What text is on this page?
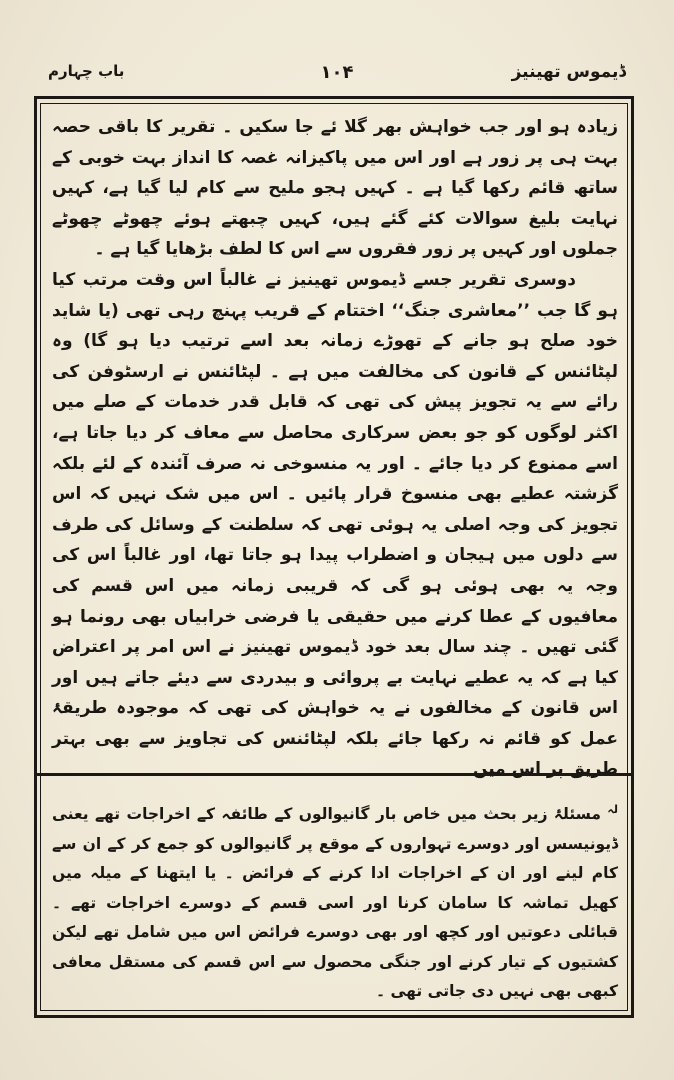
ڈیموس تھینیز
۱۰۴
باب چہارم

زیادہ ہو اور جب خواہش بھر گلا ئے جا سکیں ۔ تقریر کا باقی حصہ بہت ہی پر زور ہے اور اس میں پاکیزانہ غصہ کا انداز بہت خوبی کے ساتھ قائم رکھا گیا ہے ۔ کہیں ہجو ملیح سے کام لیا گیا ہے، کہیں نہایت بلیغ سوالات کئے گئے ہیں، کہیں چبھتے ہوئے چھوٹے چھوٹے جملوں اور کہیں پر زور فقروں سے اس کا لطف بڑھایا گیا ہے ۔

دوسری تقریر جسے ڈیموس تھینیز نے غالباً اس وقت مرتب کیا ہو گا جب ’’معاشری جنگ‘‘ اختتام کے قریب پہنچ رہی تھی (یا شاید خود صلح ہو جانے کے تھوڑے زمانہ بعد اسے ترتیب دیا ہو گا) وہ لپٹائنس کے قانون کی مخالفت میں ہے ۔ لپٹائنس نے ارسٹوفن کی رائے سے یہ تجویز پیش کی تھی کہ قابل قدر خدمات کے صلے میں اکثر لوگوں کو جو بعض سرکاری محاصل سے معاف کر دیا جاتا ہے، اسے ممنوع کر دیا جائے ۔ اور یہ منسوخی نہ صرف آئندہ کے لئے بلکہ گزشتہ عطیے بھی منسوخ قرار پائیں ۔ اس میں شک نہیں کہ اس تجویز کی وجہ اصلی یہ ہوئی تھی کہ سلطنت کے وسائل کی طرف سے دلوں میں ہیجان و اضطراب پیدا ہو جاتا تھا، اور غالباً اس کی وجہ یہ بھی ہوئی ہو گی کہ قریبی زمانہ میں اس قسم کی معافیوں کے عطا کرنے میں حقیقی یا فرضی خرابیاں بھی رونما ہو گئی تھیں ۔ چند سال بعد خود ڈیموس تھینیز نے اس امر پر اعتراض کیا ہے کہ یہ عطیے نہایت بے پروائی و بیدردی سے دیئے جاتے ہیں اور اس قانون کے مخالفوں نے یہ خواہش کی تھی کہ موجودہ طریقۂ عمل کو قائم نہ رکھا جائے بلکہ لپٹائنس کی تجاویز سے بھی بہتر طریق پر اس میں

$^{لہ}$ مسئلۂ زیر بحث میں خاص بار گانیوالوں کے طائفہ کے اخراجات تھے یعنی ڈیونیسس اور دوسرے تہواروں کے موقع پر گانیوالوں کو جمع کر کے ان سے کام لینے اور ان کے اخراجات ادا کرنے کے فرائض ۔ یا ایتھنا کے میلہ میں کھیل تماشہ کا سامان کرنا اور اسی قسم کے دوسرے اخراجات تھے ۔ قبائلی دعوتیں اور کچھ اور بھی دوسرے فرائض اس میں شامل تھے لیکن کشتیوں کے تیار کرنے اور جنگی محصول سے اس قسم کی مستقل معافی کبھی بھی نہیں دی جاتی تھی ۔
